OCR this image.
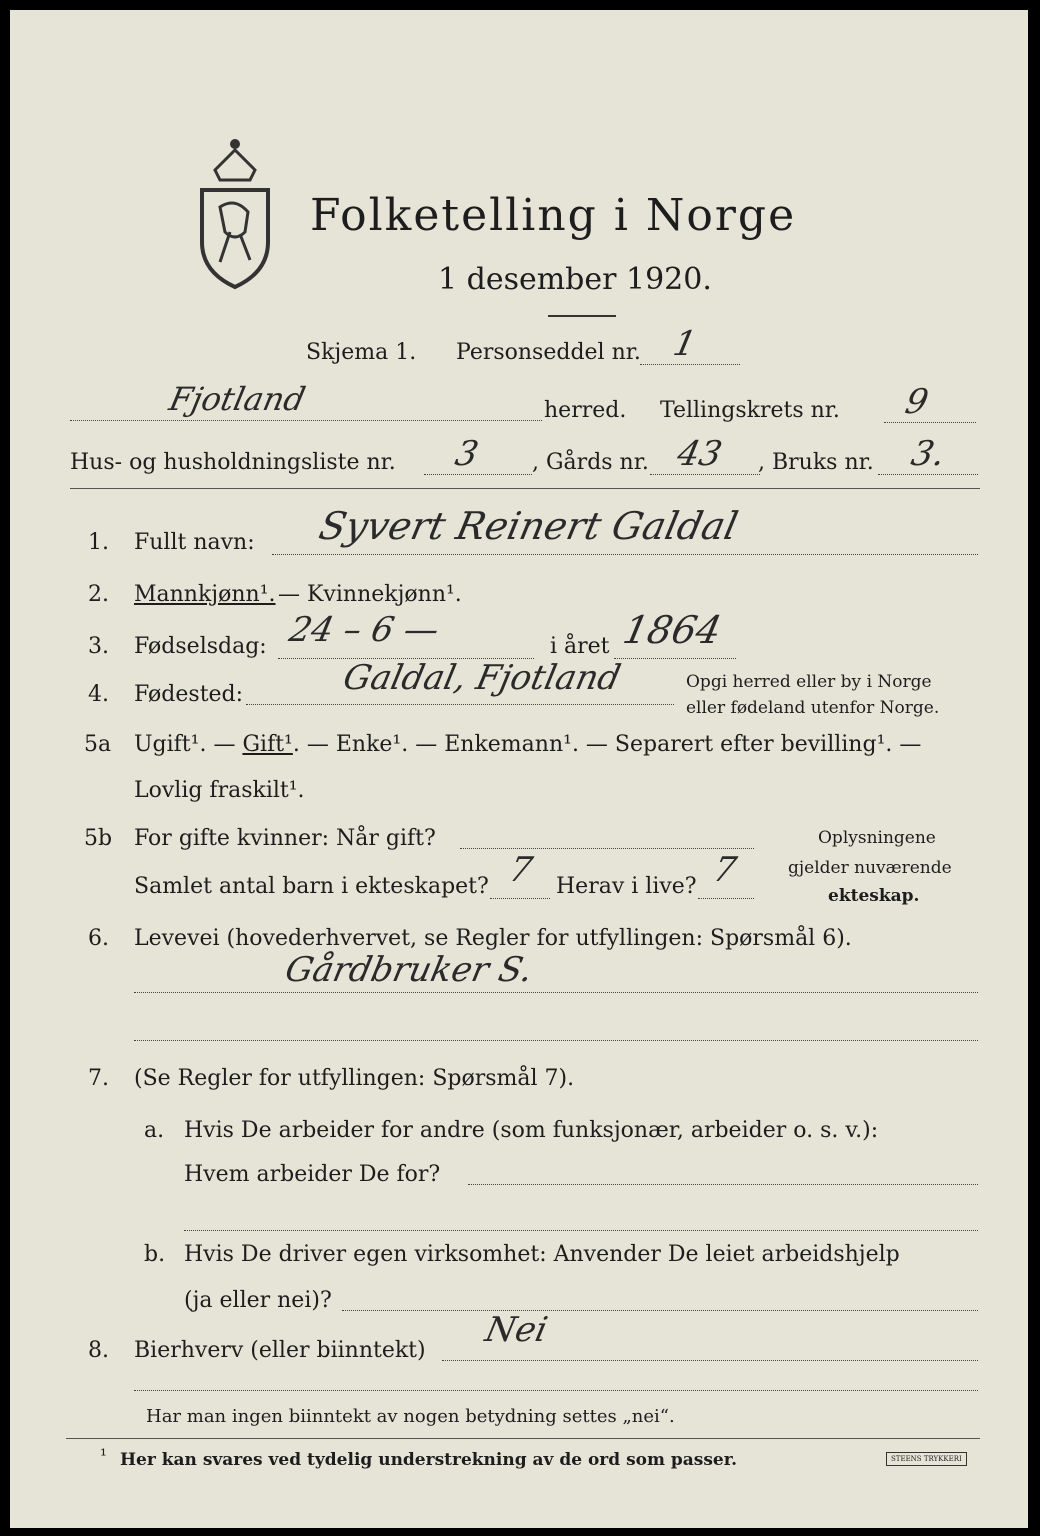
Folketelling i Norge
1 desember 1920.
Skjema 1. Personseddel nr. 1
Fjotland	herred. Tellingskrets nr. 9
Hus- og husholdningsliste nr. 3 , Gårds nr. 43 , Bruks nr. 3.
1. Fullt navn: Syvert Reinert Galdal
2. Mannkjønn¹. — Kvinnekjønn¹.
3. Fødselsdag: 24 – 6 —	i året 1864
4. Fødested:	Galdal, Fjotland	Opgi herred eller by i Norge
eller fødeland utenfor Norge.
5a Ugift¹. — Gift¹. — Enke¹. — Enkemann¹. — Separert efter bevilling¹. —
Lovlig fraskilt¹.
5b For gifte kvinner: Når gift?
Samlet antal barn i ekteskapet? 7 Herav i live? 7
Oplysningene
gjelder nuværende
ekteskap.
6. Levevei (hovederhvervet, se Regler for utfyllingen: Spørsmål 6).
Gårdbruker S.
7. (Se Regler for utfyllingen: Spørsmål 7).
a. Hvis De arbeider for andre (som funksjonær, arbeider o. s. v.):
Hvem arbeider De for?
b. Hvis De driver egen virksomhet: Anvender De leiet arbeidshjelp
(ja eller nei)?
8. Bierhverv (eller biinntekt)
Nei
Har man ingen biinntekt av nogen betydning settes „nei“.
¹ Her kan svares ved tydelig understrekning av de ord som passer.	STEENS TRYKKERI
